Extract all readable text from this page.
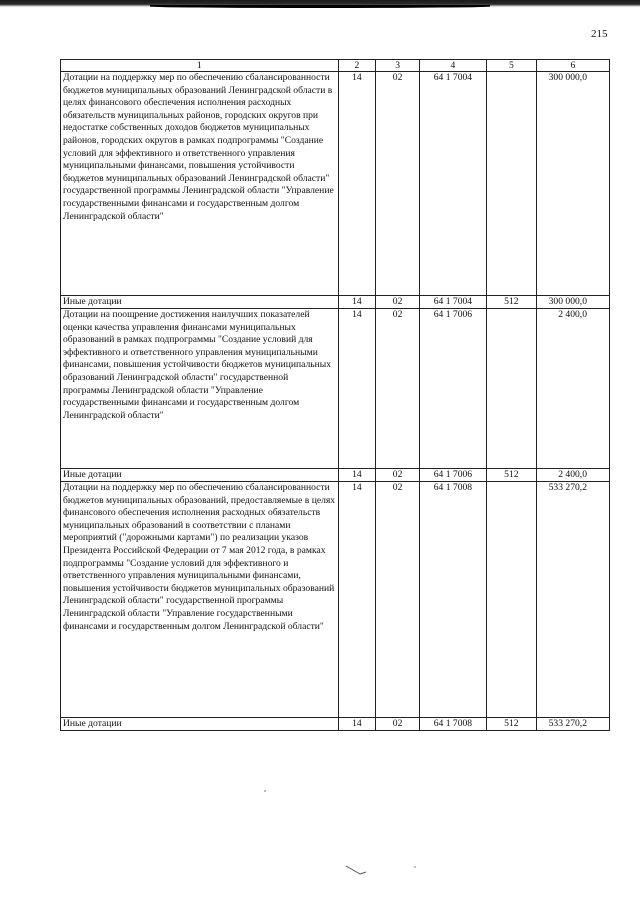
215
1	2	3	4	5	6
Дотации на поддержку мер по обеспечению сбалансированности бюджетов муниципальных образований Ленинградской области в целях финансового обеспечения исполнения расходных обязательств муниципальных районов, городских округов при недостатке собственных доходов бюджетов муниципальных районов, городских округов в рамках подпрограммы "Создание условий для эффективного и ответственного управления муниципальными финансами, повышения устойчивости бюджетов муниципальных образований Ленинградской области" государственной программы Ленинградской области "Управление государственными финансами и государственным долгом Ленинградской области"	14	02	64 1 7004		300 000,0
Иные дотации	14	02	64 1 7004	512	300 000,0
Дотации на поощрение достижения наилучших показателей оценки качества управления финансами муниципальных образований в рамках подпрограммы "Создание условий для эффективного и ответственного управления муниципальными финансами, повышения устойчивости бюджетов муниципальных образований Ленинградской области" государственной программы Ленинградской области "Управление государственными финансами и государственным долгом Ленинградской области"	14	02	64 1 7006		2 400,0
Иные дотации	14	02	64 1 7006	512	2 400,0
Дотации на поддержку мер по обеспечению сбалансированности бюджетов муниципальных образований, предоставляемые в целях финансового обеспечения исполнения расходных обязательств муниципальных образований в соответствии с планами мероприятий ("дорожными картами") по реализации указов Президента Российской Федерации от 7 мая 2012 года, в рамках подпрограммы "Создание условий для эффективного и ответственного управления муниципальными финансами, повышения устойчивости бюджетов муниципальных образований Ленинградской области" государственной программы Ленинградской области "Управление государственными финансами и государственным долгом Ленинградской области"	14	02	64 1 7008		533 270,2
Иные дотации	14	02	64 1 7008	512	533 270,2
